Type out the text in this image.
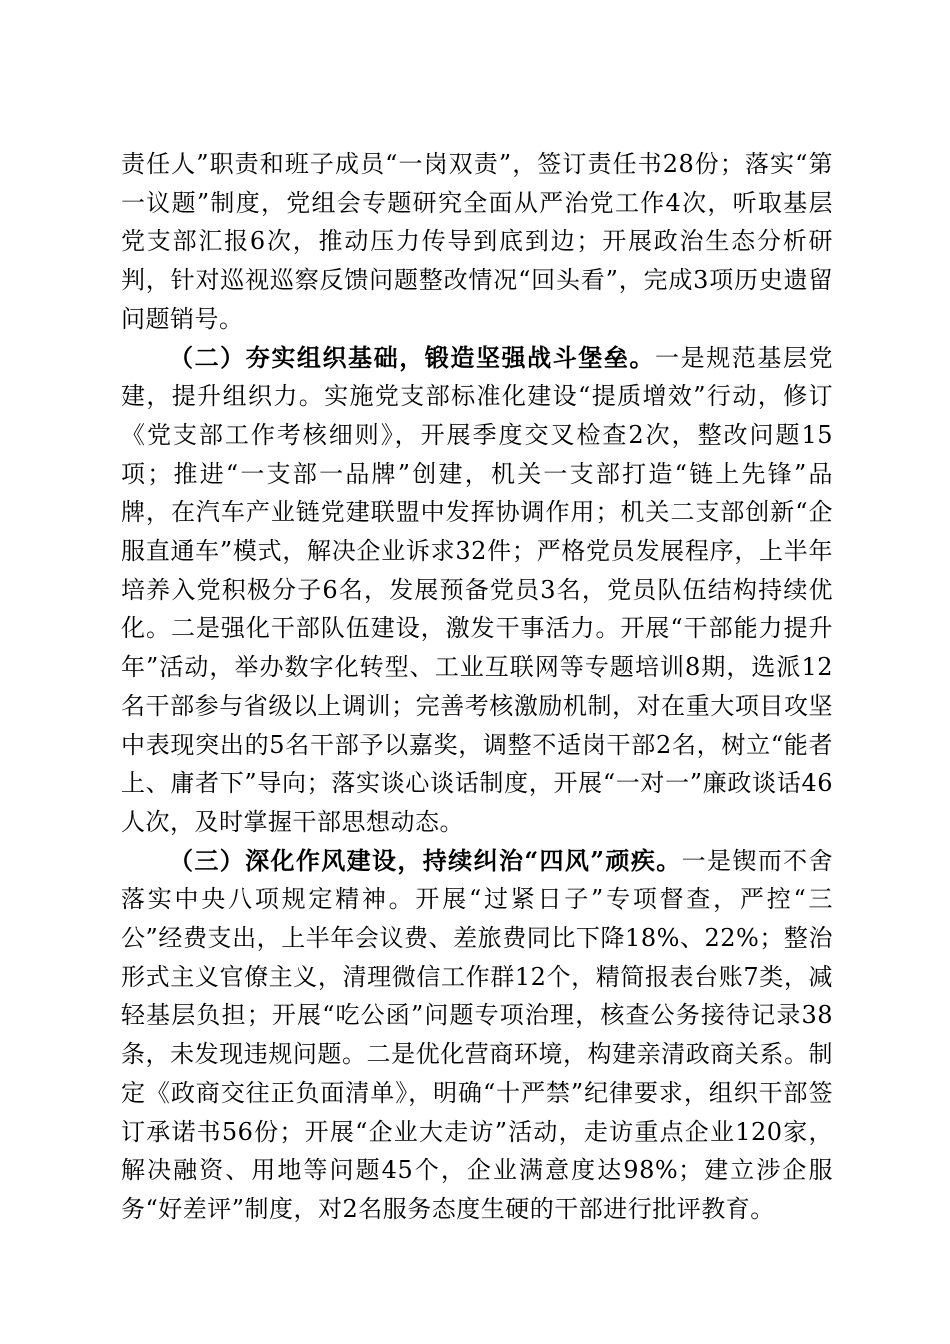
责任人”职责和班子成员“一岗双责”，签订责任书28份；落实“第一议题”制度，党组会专题研究全面从严治党工作4次，听取基层党支部汇报6次，推动压力传导到底到边；开展政治生态分析研判，针对巡视巡察反馈问题整改情况“回头看”，完成3项历史遗留问题销号。

（二）夯实组织基础，锻造坚强战斗堡垒。一是规范基层党建，提升组织力。实施党支部标准化建设“提质增效”行动，修订《党支部工作考核细则》，开展季度交叉检查2次，整改问题15项；推进“一支部一品牌”创建，机关一支部打造“链上先锋”品牌，在汽车产业链党建联盟中发挥协调作用；机关二支部创新“企服直通车”模式，解决企业诉求32件；严格党员发展程序，上半年培养入党积极分子6名，发展预备党员3名，党员队伍结构持续优化。二是强化干部队伍建设，激发干事活力。开展“干部能力提升年”活动，举办数字化转型、工业互联网等专题培训8期，选派12名干部参与省级以上调训；完善考核激励机制，对在重大项目攻坚中表现突出的5名干部予以嘉奖，调整不适岗干部2名，树立“能者上、庸者下”导向；落实谈心谈话制度，开展“一对一”廉政谈话46人次，及时掌握干部思想动态。

（三）深化作风建设，持续纠治“四风”顽疾。一是锲而不舍落实中央八项规定精神。开展“过紧日子”专项督查，严控“三公”经费支出，上半年会议费、差旅费同比下降18%、22%；整治形式主义官僚主义，清理微信工作群12个，精简报表台账7类，减轻基层负担；开展“吃公函”问题专项治理，核查公务接待记录38条，未发现违规问题。二是优化营商环境，构建亲清政商关系。制定《政商交往正负面清单》，明确“十严禁”纪律要求，组织干部签订承诺书56份；开展“企业大走访”活动，走访重点企业120家，解决融资、用地等问题45个，企业满意度达98%；建立涉企服务“好差评”制度，对2名服务态度生硬的干部进行批评教育。
